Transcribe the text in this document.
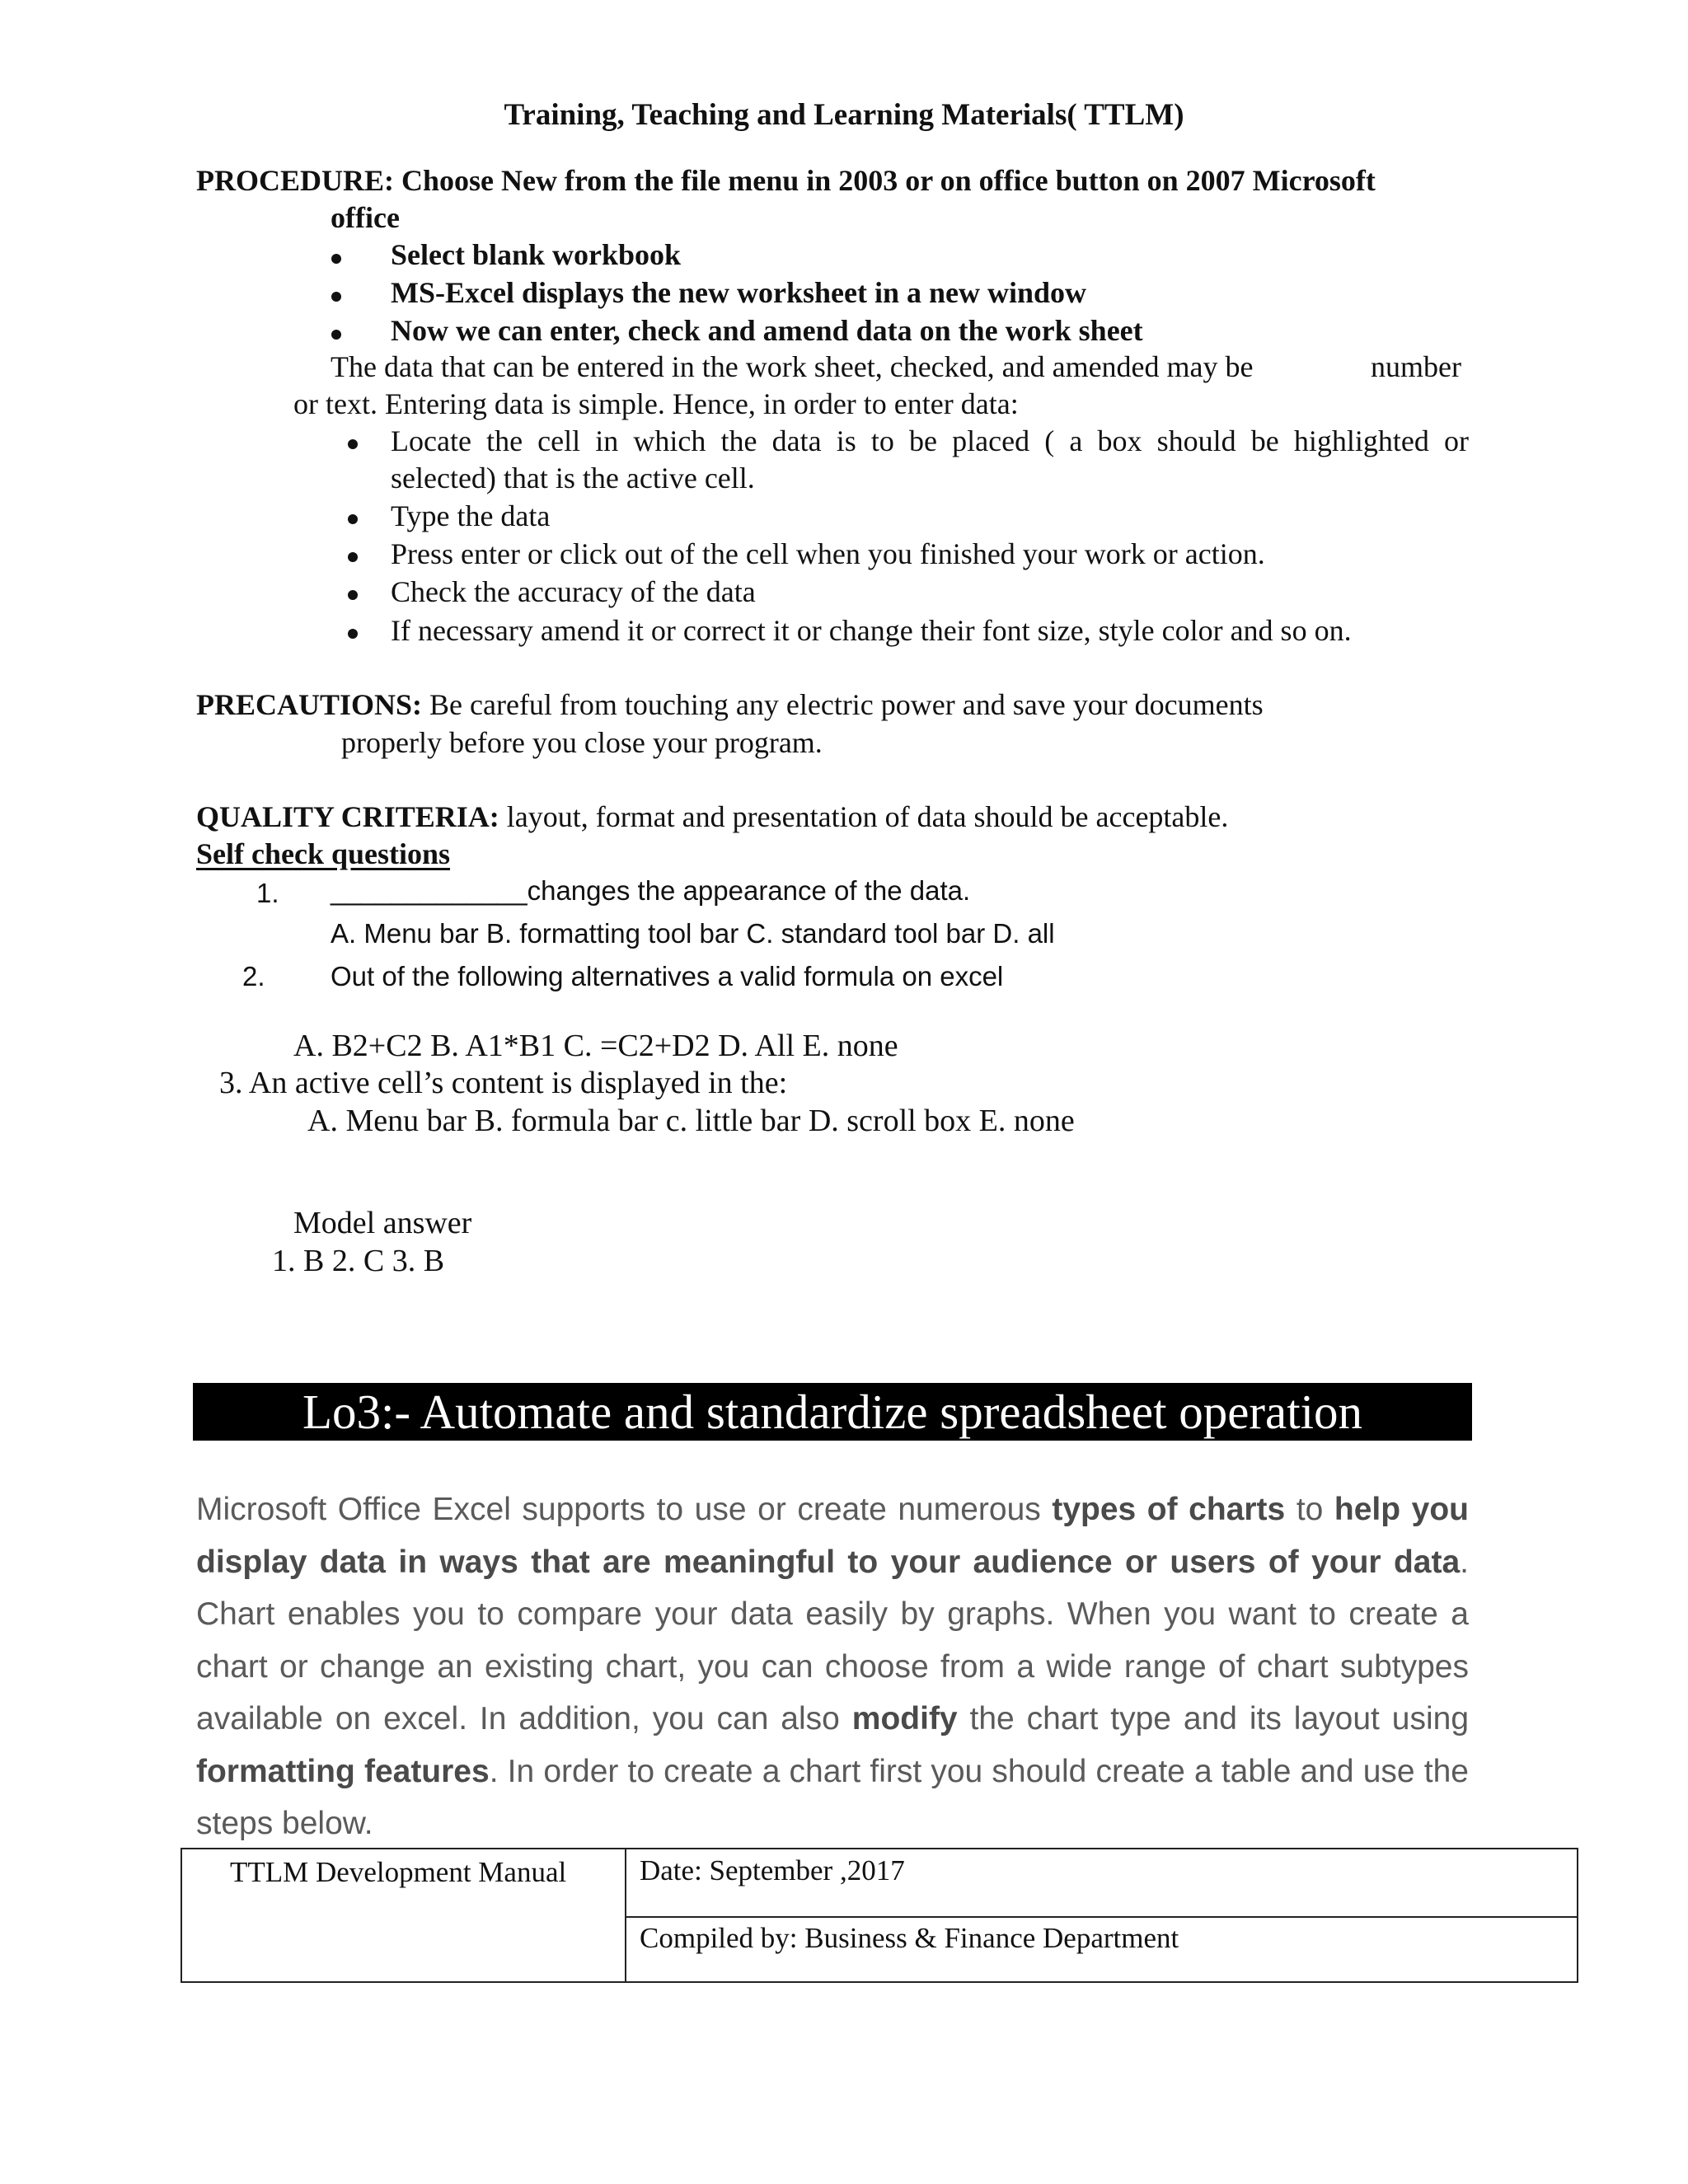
Training, Teaching and Learning Materials( TTLM)
PROCEDURE: Choose New from the file menu in 2003 or on office button on 2007 Microsoft
office
Select blank workbook
MS-Excel displays the new worksheet in a new window
Now we can enter, check and amend data on the work sheet
The data that can be entered in the work sheet, checked, and amended may be	number
or text. Entering data is simple. Hence, in order to enter data:
Locate the cell in which the data is to be placed ( a box should be highlighted or
selected) that is the active cell.
Type the data
Press enter or click out of the cell when you finished your work or action.
Check the accuracy of the data
If necessary amend it or correct it or change their font size, style color and so on.
PRECAUTIONS: Be careful from touching any electric power and save your documents
properly before you close your program.
QUALITY CRITERIA: layout, format and presentation of data should be acceptable.
Self check questions
1. _____________changes the appearance of the data.
A. Menu bar B. formatting tool bar C. standard tool bar D. all
2. Out of the following alternatives a valid formula on excel
A. B2+C2 B. A1*B1 C. =C2+D2 D. All E. none
3. An active cell’s content is displayed in the:
A. Menu bar B. formula bar c. little bar D. scroll box E. none
Model answer
1. B 2. C 3. B
Lo3:- Automate and standardize spreadsheet operation
Microsoft Office Excel supports to use or create numerous types of charts to help you display data in ways that are meaningful to your audience or users of your data. Chart enables you to compare your data easily by graphs. When you want to create a chart or change an existing chart, you can choose from a wide range of chart subtypes available on excel. In addition, you can also modify the chart type and its layout using formatting features. In order to create a chart first you should create a table and use the steps below.
TTLM Development Manual	Date: September ,2017
Compiled by: Business & Finance Department
